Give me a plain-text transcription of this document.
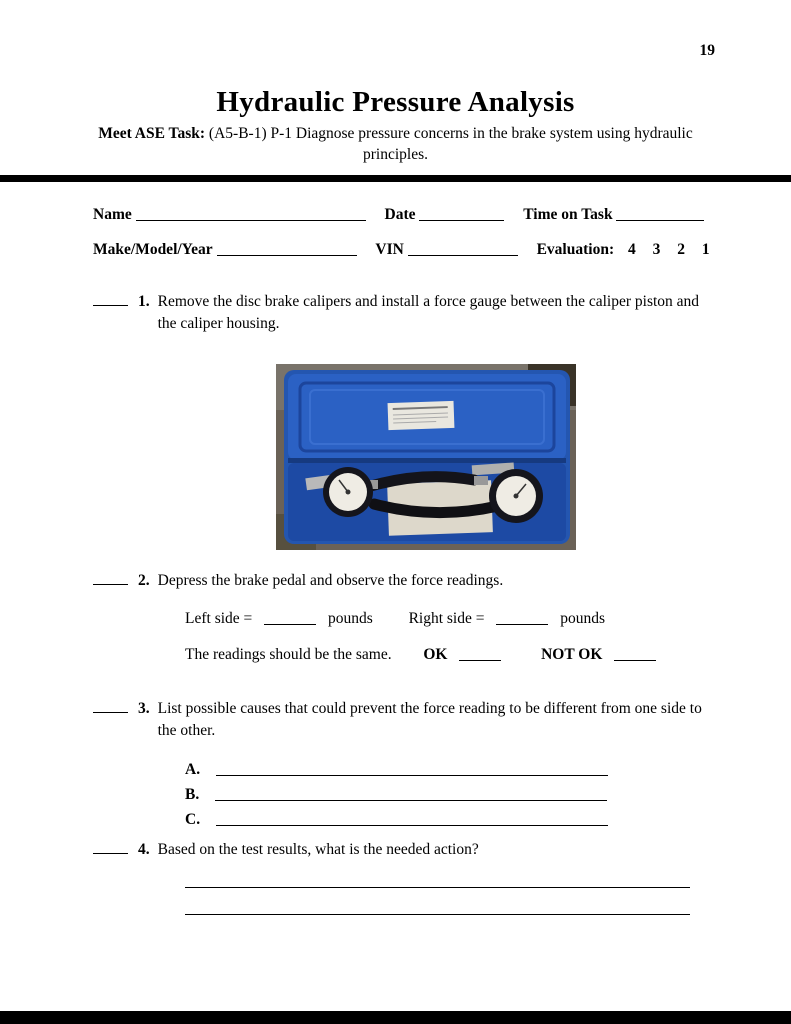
19
Hydraulic Pressure Analysis
Meet ASE Task: (A5-B-1) P-1 Diagnose pressure concerns in the brake system using hydraulic
principles.
Name	Date	Time on Task
Make/Model/Year	VIN	Evaluation: 4 3 2 1
1. Remove the disc brake calipers and install a force gauge between the caliper piston and the caliper housing.
2. Depress the brake pedal and observe the force readings.
Left side =	pounds Right side =	pounds
The readings should be the same. OK	NOT OK
3. List possible causes that could prevent the force reading to be different from one side to the other.
A.
B.
C.
4. Based on the test results, what is the needed action?
